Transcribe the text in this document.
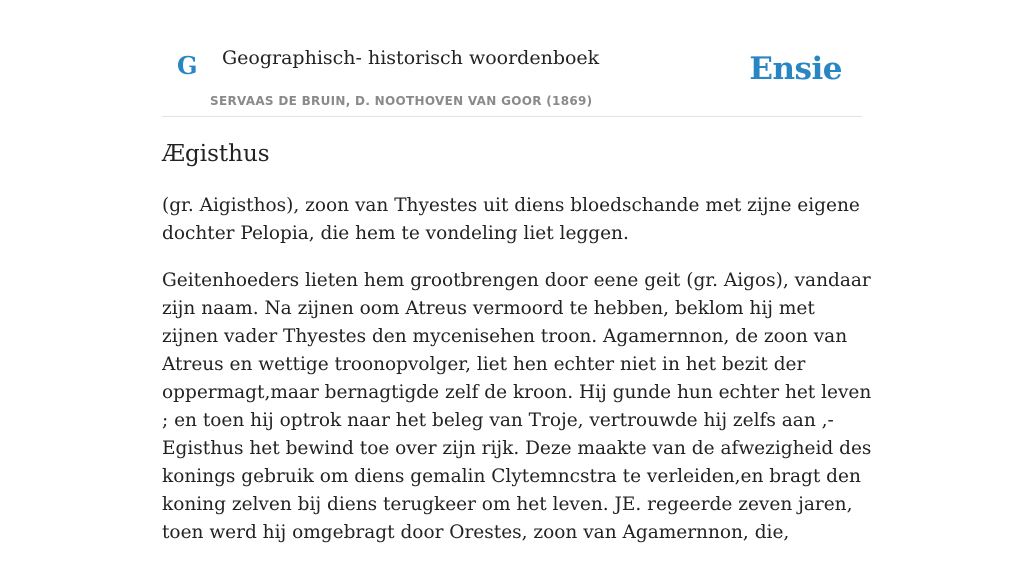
G Geographisch- historisch woordenboek
SERVAAS DE BRUIN, D. NOOTHOVEN VAN GOOR (1869)
Ensie
Ægisthus

(gr. Aigisthos), zoon van Thyestes uit diens bloedschande met zijne eigene dochter Pelopia, die hem te vondeling liet leggen.

Geitenhoeders lieten hem grootbrengen door eene geit (gr. Aigos), vandaar zijn naam. Na zijnen oom Atreus vermoord te hebben, beklom hij met zijnen vader Thyestes den mycenisehen troon. Agamernnon, de zoon van Atreus en wettige troonopvolger, liet hen echter niet in het bezit der oppermagt,maar bernagtigde zelf de kroon. Hij gunde hun echter het leven ; en toen hij optrok naar het beleg van Troje, vertrouwde hij zelfs aan ,-Egisthus het bewind toe over zijn rijk. Deze maakte van de afwezigheid des konings gebruik om diens gemalin Clytemncstra te verleiden,en bragt den koning zelven bij diens terugkeer om het leven. JE. regeerde zeven jaren, toen werd hij omgebragt door Orestes, zoon van Agamernnon, die,
